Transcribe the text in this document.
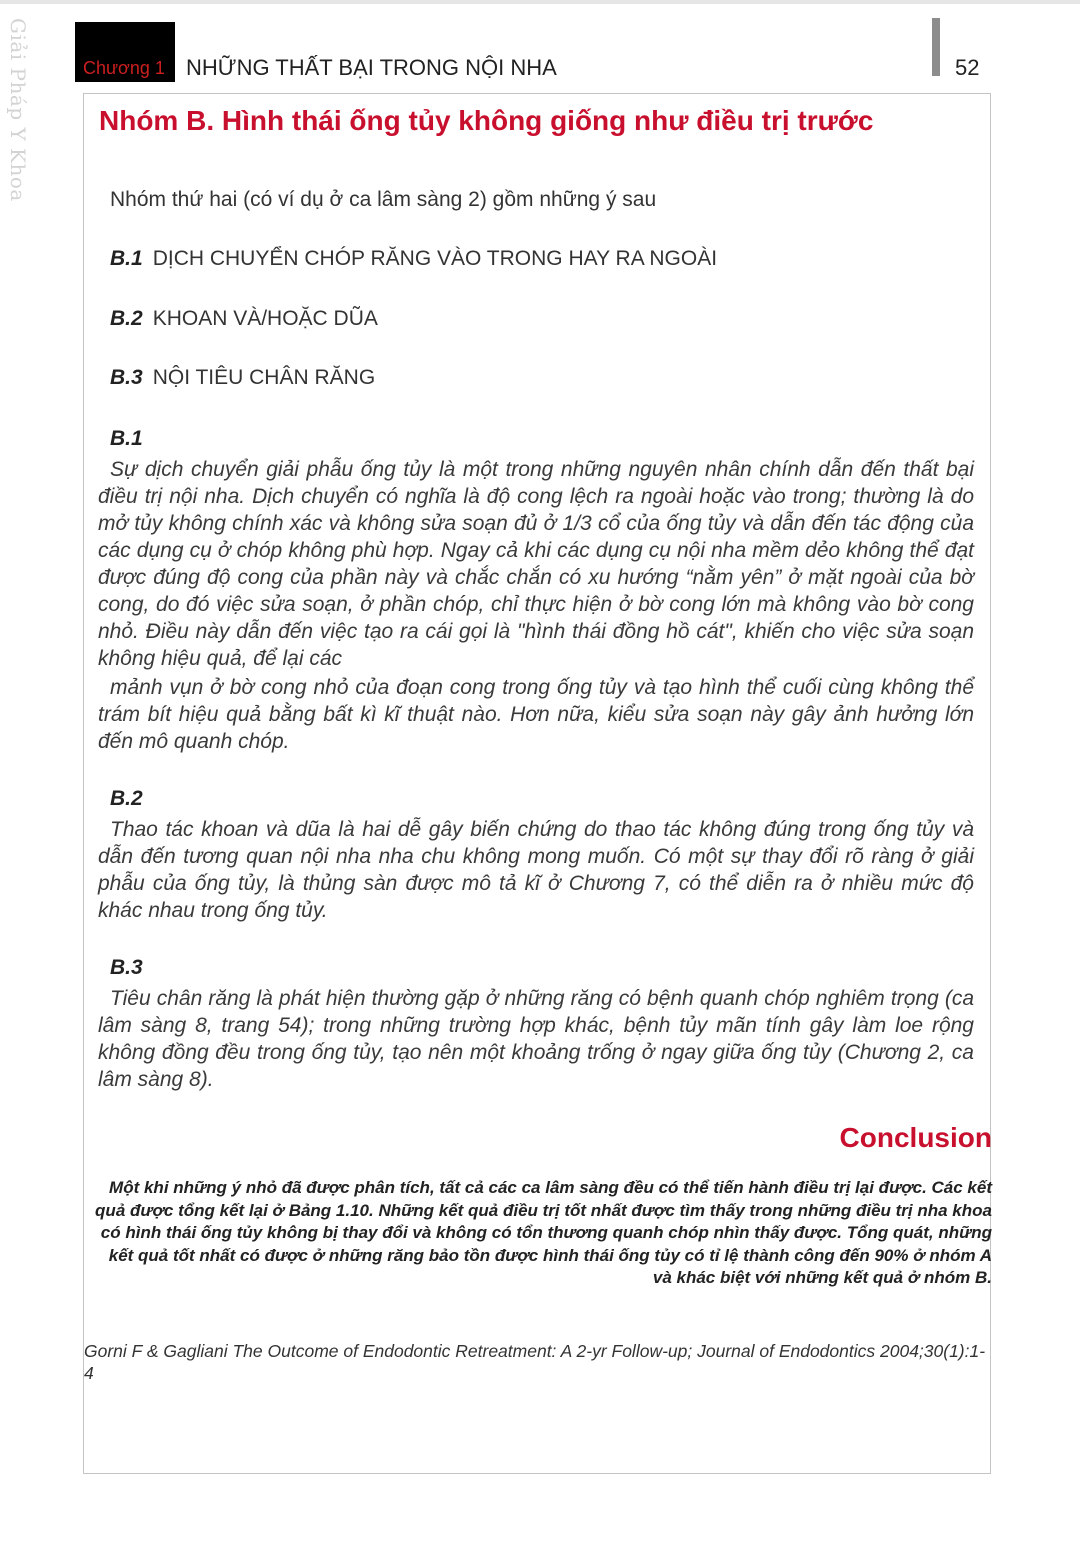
Giải Pháp Y Khoa	Chương 1 NHỮNG THẤT BẠI TRONG NỘI NHA	52
Nhóm B. Hình thái ống tủy không giống như điều trị trước
Nhóm thứ hai (có ví dụ ở ca lâm sàng 2) gồm những ý sau
B.1 DỊCH CHUYỂN CHÓP RĂNG VÀO TRONG HAY RA NGOÀI
B.2 KHOAN VÀ/HOẶC DŨA
B.3 NỘI TIÊU CHÂN RĂNG
B.1
Sự dịch chuyển giải phẫu ống tủy là một trong những nguyên nhân chính dẫn đến thất bại điều trị nội nha. Dịch chuyển có nghĩa là độ cong lệch ra ngoài hoặc vào trong; thường là do mở tủy không chính xác và không sửa soạn đủ ở 1/3 cổ của ống tủy và dẫn đến tác động của các dụng cụ ở chóp không phù hợp. Ngay cả khi các dụng cụ nội nha mềm dẻo không thể đạt được đúng độ cong của phần này và chắc chắn có xu hướng “nằm yên” ở mặt ngoài của bờ cong, do đó việc sửa soạn, ở phần chóp, chỉ thực hiện ở bờ cong lớn mà không vào bờ cong nhỏ. Điều này dẫn đến việc tạo ra cái gọi là "hình thái đồng hồ cát", khiến cho việc sửa soạn không hiệu quả, để lại các
mảnh vụn ở bờ cong nhỏ của đoạn cong trong ống tủy và tạo hình thể cuối cùng không thể trám bít hiệu quả bằng bất kì kĩ thuật nào. Hơn nữa, kiểu sửa soạn này gây ảnh hưởng lớn đến mô quanh chóp.
B.2
Thao tác khoan và dũa là hai dễ gây biến chứng do thao tác không đúng trong ống tủy và dẫn đến tương quan nội nha nha chu không mong muốn. Có một sự thay đổi rõ ràng ở giải phẫu của ống tủy, là thủng sàn được mô tả kĩ ở Chương 7, có thể diễn ra ở nhiều mức độ khác nhau trong ống tủy.
B.3
Tiêu chân răng là phát hiện thường gặp ở những răng có bệnh quanh chóp nghiêm trọng (ca lâm sàng 8, trang 54); trong những trường hợp khác, bệnh tủy mãn tính gây làm loe rộng không đồng đều trong ống tủy, tạo nên một khoảng trống ở ngay giữa ống tủy (Chương 2, ca lâm sàng 8).
Conclusion
Một khi những ý nhỏ đã được phân tích, tất cả các ca lâm sàng đều có thể tiến hành điều trị lại được. Các kết quả được tổng kết lại ở Bảng 1.10. Những kết quả điều trị tốt nhất được tìm thấy trong những điều trị nha khoa có hình thái ống tủy không bị thay đổi và không có tổn thương quanh chóp nhìn thấy được. Tổng quát, những kết quả tốt nhất có được ở những răng bảo tồn được hình thái ống tủy có tỉ lệ thành công đến 90% ở nhóm A và khác biệt với những kết quả ở nhóm B.
Gorni F & Gagliani The Outcome of Endodontic Retreatment: A 2-yr Follow-up; Journal of Endodontics 2004;30(1):1-4
